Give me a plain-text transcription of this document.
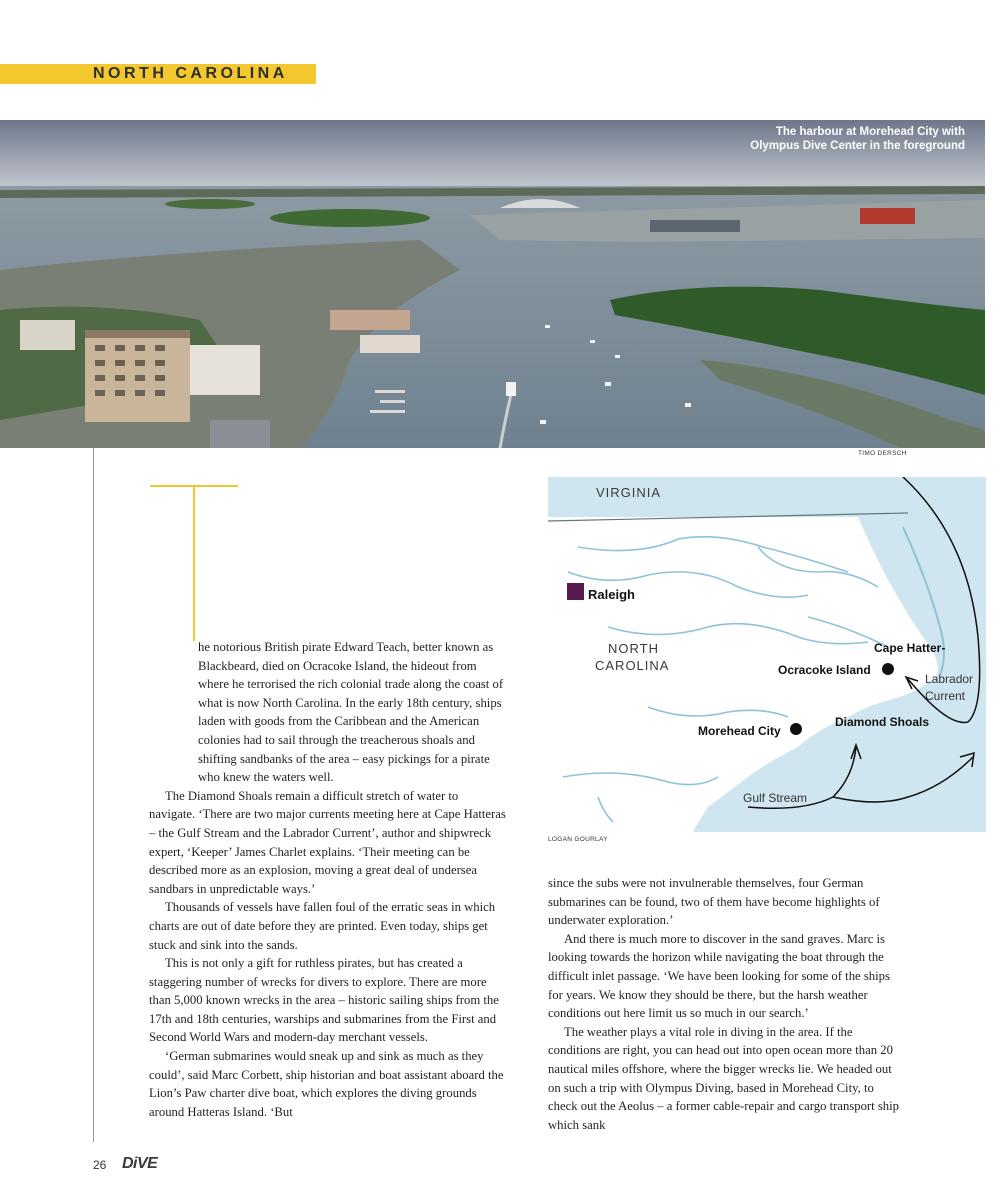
NORTH CAROLINA
The harbour at Morehead City with Olympus Dive Center in the foreground
TIMO DERSCH
VIRGINIA
Raleigh
NORTH
CAROLINA
Cape Hatter-
Ocracoke Island
Labrador
Current
Diamond Shoals
Morehead City
Gulf Stream
LOGAN GOURLAY

he notorious British pirate Edward Teach, better known as Blackbeard, died on Ocracoke Island, the hideout from where he terrorised the rich colonial trade along the coast of what is now North Carolina. In the early 18th century, ships laden with goods from the Caribbean and the American colonies had to sail through the treacherous shoals and shifting sandbanks of the area – easy pickings for a pirate who knew the waters well.

The Diamond Shoals remain a difficult stretch of water to navigate. ‘There are two major currents meeting here at Cape Hatteras – the Gulf Stream and the Labrador Current’, author and shipwreck expert, ‘Keeper’ James Charlet explains. ‘Their meeting can be described more as an explosion, moving a great deal of undersea sandbars in unpredictable ways.’

Thousands of vessels have fallen foul of the erratic seas in which charts are out of date before they are printed. Even today, ships get stuck and sink into the sands.

This is not only a gift for ruthless pirates, but has created a staggering number of wrecks for divers to explore. There are more than 5,000 known wrecks in the area – historic sailing ships from the 17th and 18th centuries, warships and submarines from the First and Second World Wars and modern-day merchant vessels.

‘German submarines would sneak up and sink as much as they could’, said Marc Corbett, ship historian and boat assistant aboard the Lion’s Paw charter dive boat, which explores the diving grounds around Hatteras Island. ‘But

since the subs were not invulnerable themselves, four German submarines can be found, two of them have become highlights of underwater exploration.’

And there is much more to discover in the sand graves. Marc is looking towards the horizon while navigating the boat through the difficult inlet passage. ‘We have been looking for some of the ships for years. We know they should be there, but the harsh weather conditions out here limit us so much in our search.’

The weather plays a vital role in diving in the area. If the conditions are right, you can head out into open ocean more than 20 nautical miles offshore, where the bigger wrecks lie. We headed out on such a trip with Olympus Diving, based in Morehead City, to check out the Aeolus – a former cable-repair and cargo transport ship which sank

26 DiVE
